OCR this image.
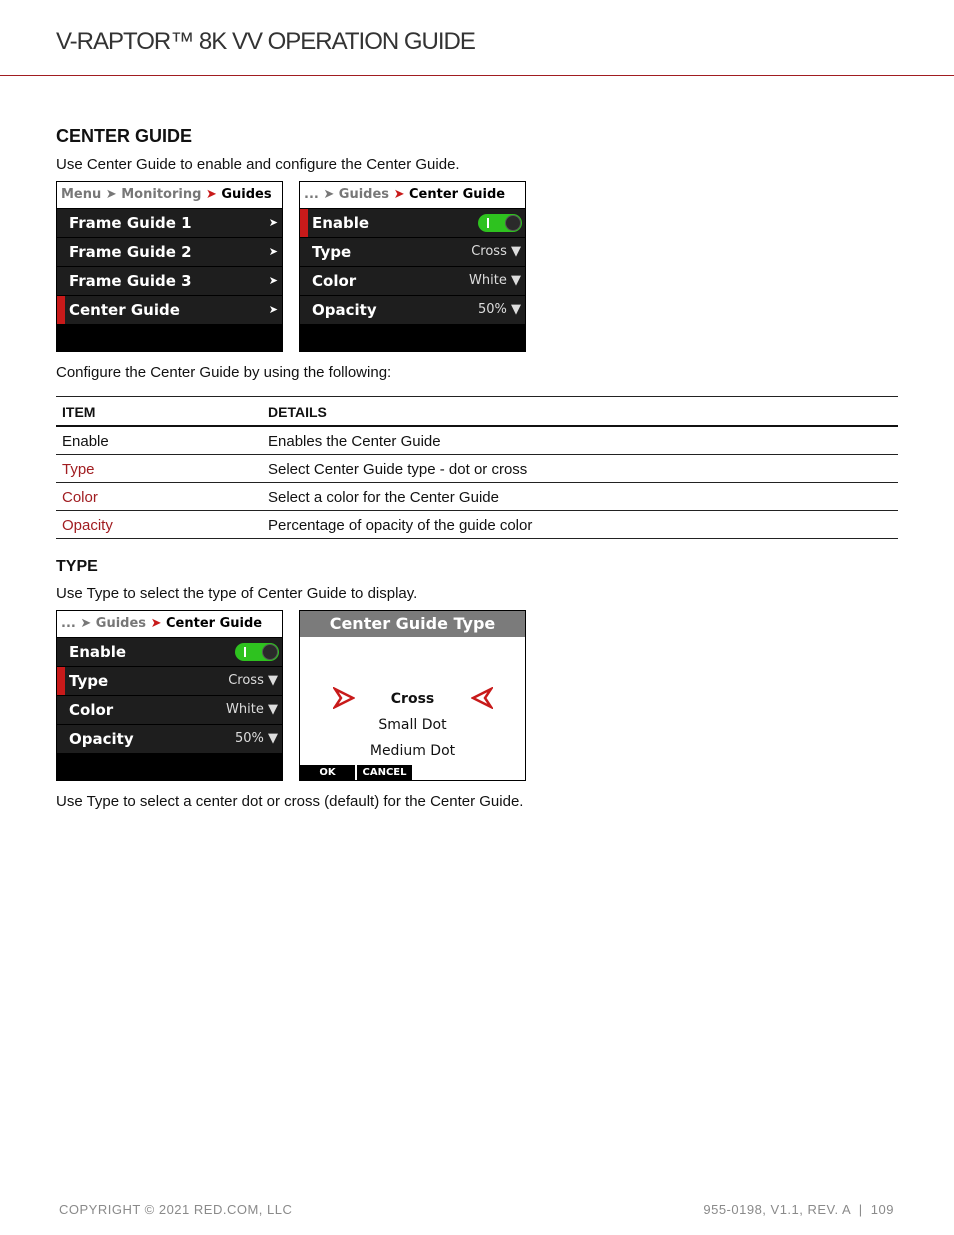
V-RAPTOR™ 8K VV OPERATION GUIDE
CENTER GUIDE
Use Center Guide to enable and configure the Center Guide.
Menu ➤ Monitoring ➤ Guides
Frame Guide 1	➤
Frame Guide 2	➤
Frame Guide 3	➤
Center Guide	➤
... ➤ Guides ➤ Center Guide
Enable
Type	Cross ▼
Color	White ▼
Opacity	50% ▼
Configure the Center Guide by using the following:
ITEM	DETAILS
Enable	Enables the Center Guide
Type	Select Center Guide type - dot or cross
Color	Select a color for the Center Guide
Opacity	Percentage of opacity of the guide color
TYPE
Use Type to select the type of Center Guide to display.
... ➤ Guides ➤ Center Guide
Enable
Type	Cross ▼
Color	White ▼
Opacity	50% ▼
Center Guide Type
Cross
Small Dot
Medium Dot
OK	CANCEL
Use Type to select a center dot or cross (default) for the Center Guide.
COPYRIGHT © 2021 RED.COM, LLC	955-0198, V1.1, REV. A  |  109
